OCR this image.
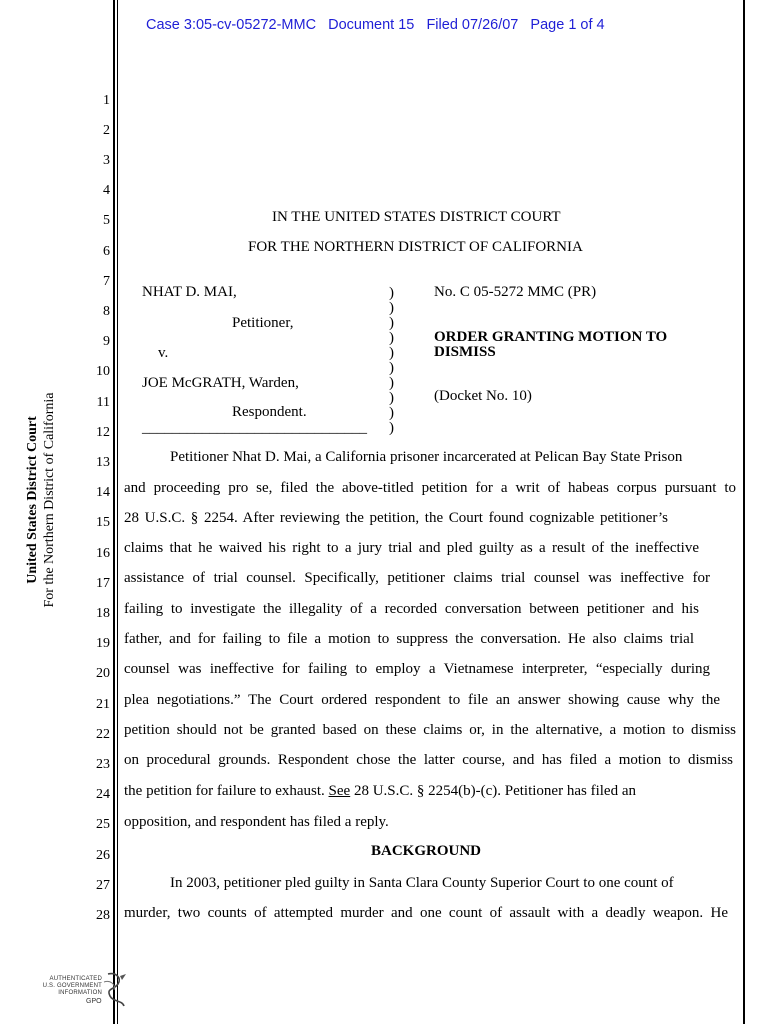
Case 3:05-cv-05272-MMC   Document 15   Filed 07/26/07   Page 1 of 4
United States District Court For the Northern District of California
1
2
3
4
5
6
7
8
9
10
11
12
13
14
15
16
17
18
19
20
21
22
23
24
25
26
27
28
IN THE UNITED STATES DISTRICT COURT
FOR THE NORTHERN DISTRICT OF CALIFORNIA
NHAT D. MAI,
Petitioner,
v.
JOE McGRATH, Warden,
Respondent.
______________________________
)
)
)
)
)
)
)
)
)
)
No. C 05-5272 MMC (PR)
ORDER GRANTING MOTION TO
DISMISS
(Docket No. 10)
Petitioner Nhat D. Mai, a California prisoner incarcerated at Pelican Bay State Prison
and proceeding pro se, filed the above-titled petition for a writ of habeas corpus pursuant to
28 U.S.C. § 2254. After reviewing the petition, the Court found cognizable petitioner’s
claims that he waived his right to a jury trial and pled guilty as a result of the ineffective
assistance of trial counsel. Specifically, petitioner claims trial counsel was ineffective for
failing to investigate the illegality of a recorded conversation between petitioner and his
father, and for failing to file a motion to suppress the conversation. He also claims trial
counsel was ineffective for failing to employ a Vietnamese interpreter, “especially during
plea negotiations.” The Court ordered respondent to file an answer showing cause why the
petition should not be granted based on these claims or, in the alternative, a motion to dismiss
on procedural grounds. Respondent chose the latter course, and has filed a motion to dismiss
the petition for failure to exhaust. See 28 U.S.C. § 2254(b)-(c). Petitioner has filed an
opposition, and respondent has filed a reply.
BACKGROUND
In 2003, petitioner pled guilty in Santa Clara County Superior Court to one count of
murder, two counts of attempted murder and one count of assault with a deadly weapon. He
AUTHENTICATED
U.S. GOVERNMENT
INFORMATION
GPO
